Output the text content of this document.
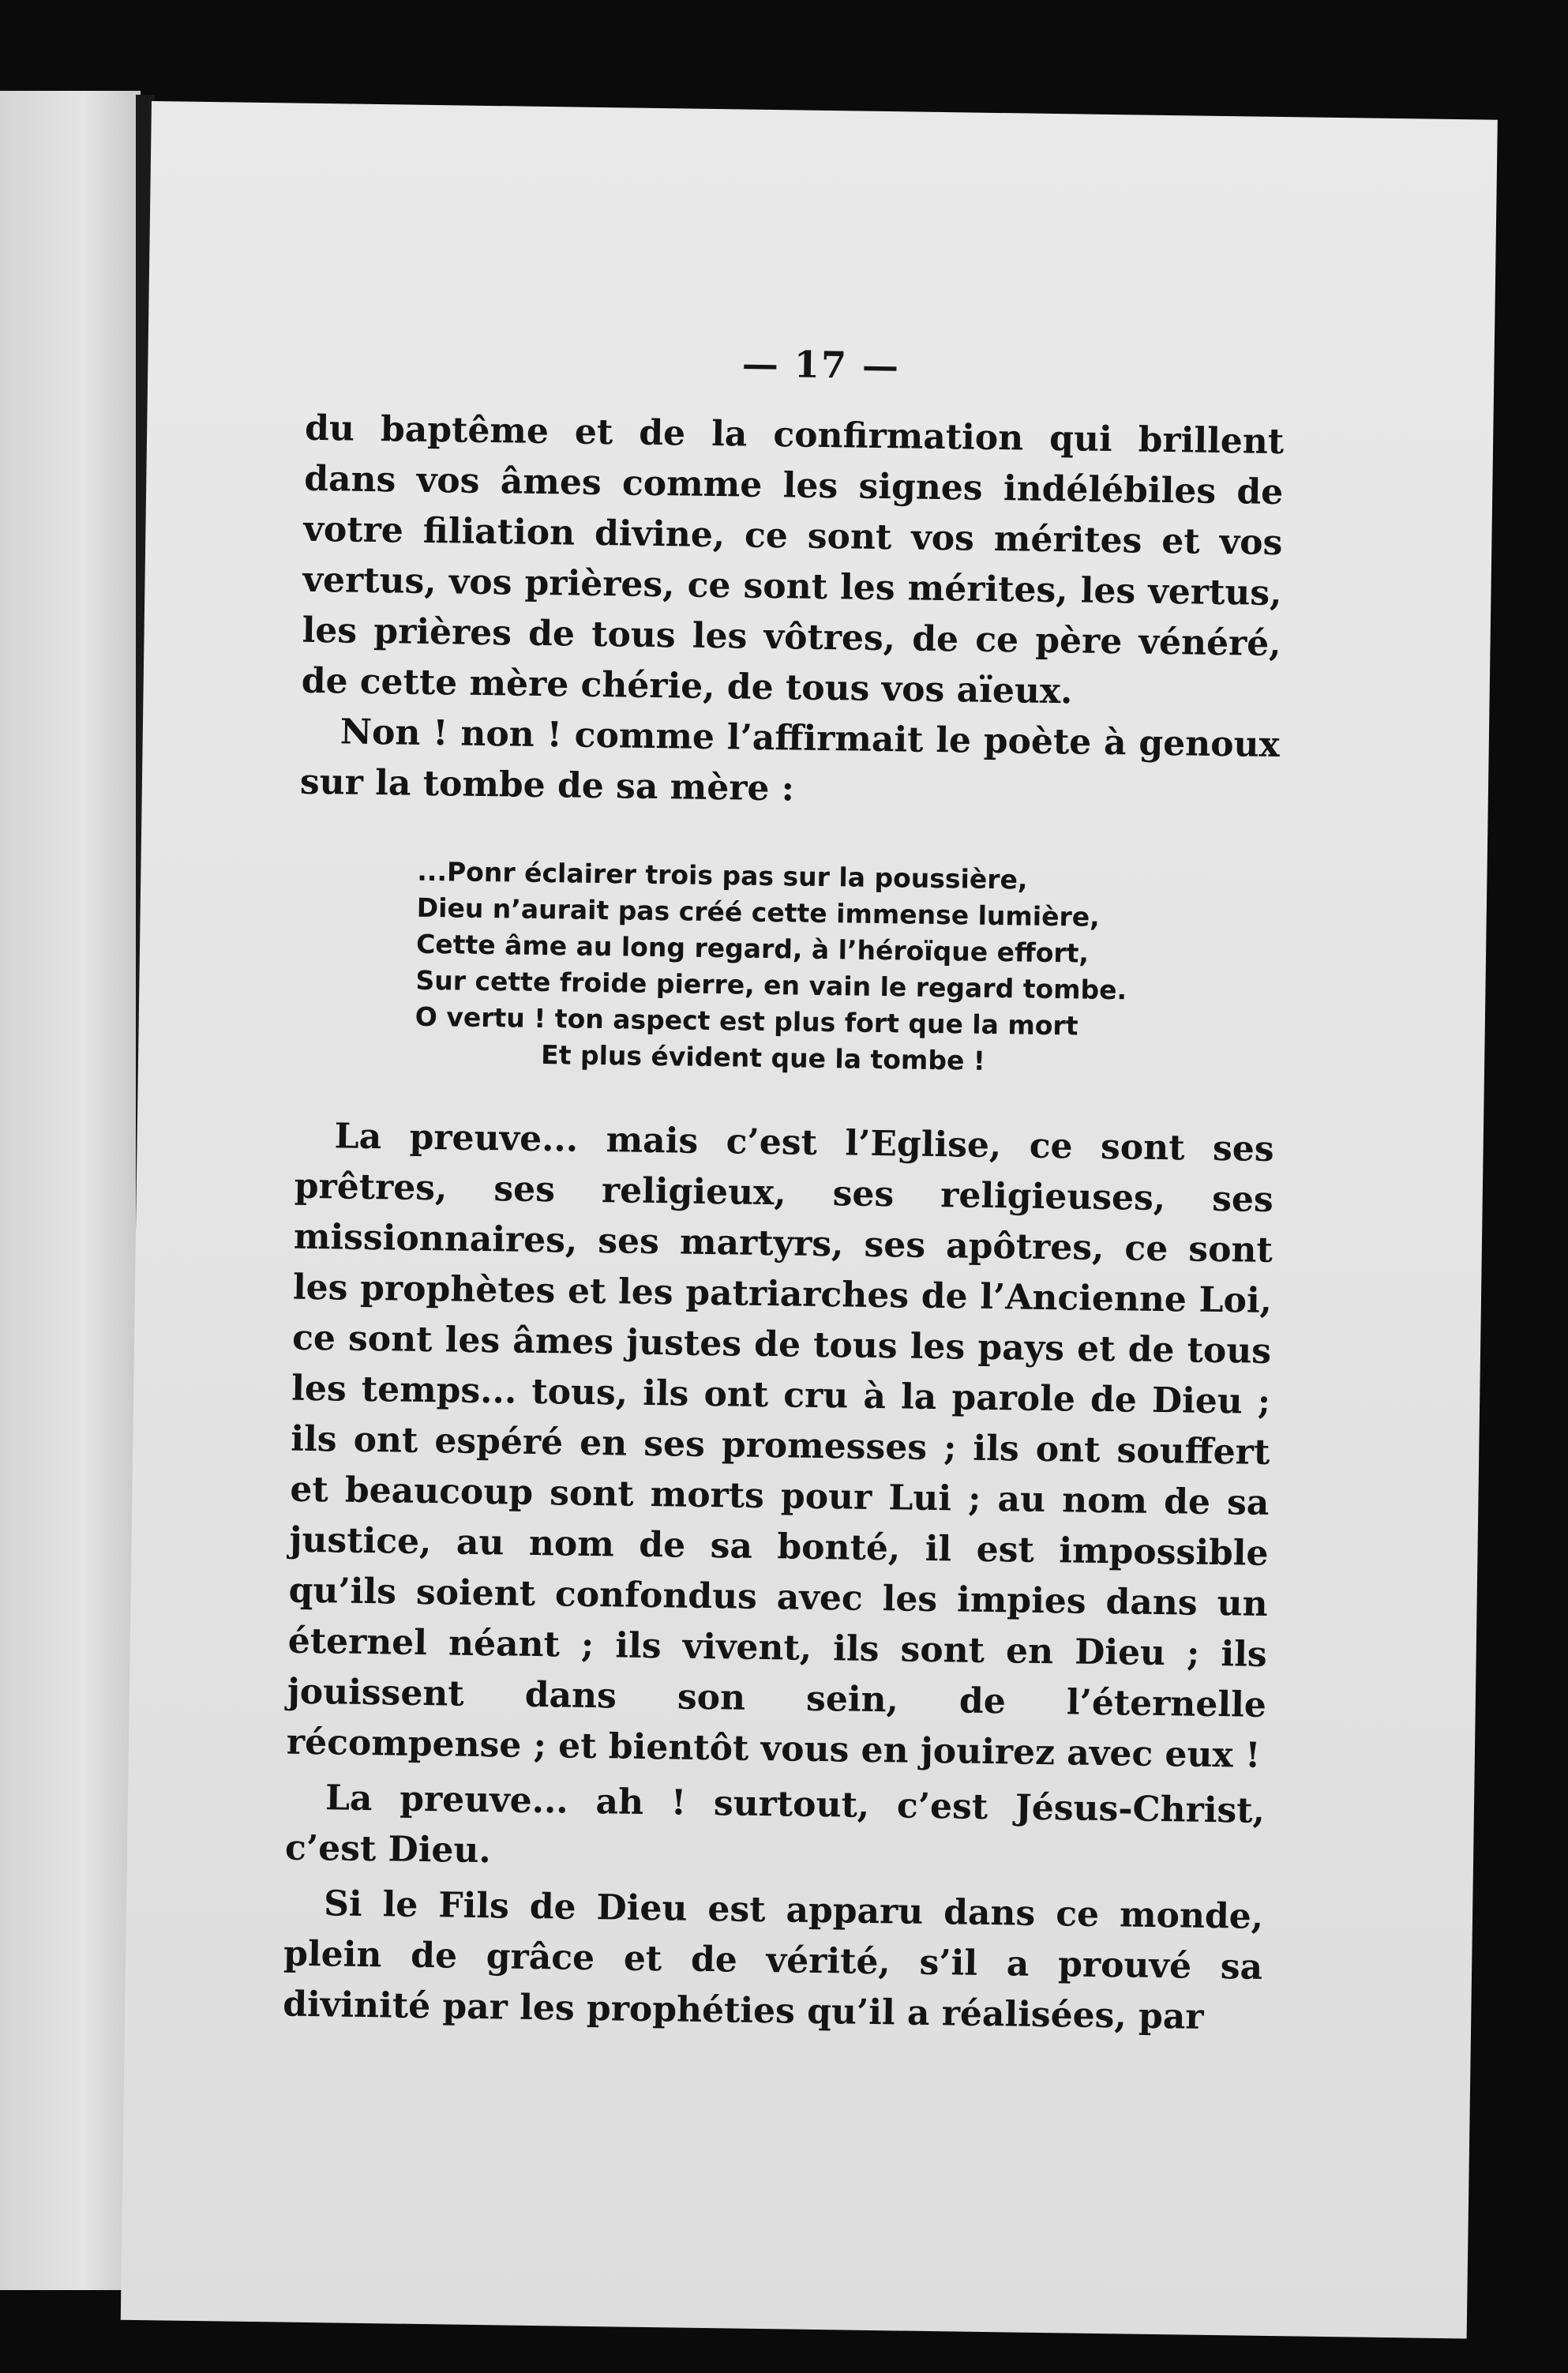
— 17 —

du baptême et de la confirmation qui brillent dans vos âmes comme les signes indélébiles de votre filiation divine, ce sont vos mérites et vos vertus, vos prières, ce sont les mérites, les vertus, les prières de tous les vôtres, de ce père vénéré, de cette mère chérie, de tous vos aïeux.

Non ! non ! comme l’affirmait le poète à genoux sur la tombe de sa mère :

...Ponr éclairer trois pas sur la poussière,
Dieu n’aurait pas créé cette immense lumière,
Cette âme au long regard, à l’héroïque effort,
Sur cette froide pierre, en vain le regard tombe.
O vertu ! ton aspect est plus fort que la mort
Et plus évident que la tombe !

La preuve... mais c’est l’Eglise, ce sont ses prêtres, ses religieux, ses religieuses, ses missionnaires, ses martyrs, ses apôtres, ce sont les prophètes et les patriarches de l’Ancienne Loi, ce sont les âmes justes de tous les pays et de tous les temps... tous, ils ont cru à la parole de Dieu ; ils ont espéré en ses promesses ; ils ont souffert et beaucoup sont morts pour Lui ; au nom de sa justice, au nom de sa bonté, il est impossible qu’ils soient confondus avec les impies dans un éternel néant ; ils vivent, ils sont en Dieu ; ils jouissent dans son sein, de l’éternelle récompense ; et bientôt vous en jouirez avec eux !

La preuve... ah ! surtout, c’est Jésus-Christ, c’est Dieu.

Si le Fils de Dieu est apparu dans ce monde, plein de grâce et de vérité, s’il a prouvé sa divinité par les prophéties qu’il a réalisées, par
